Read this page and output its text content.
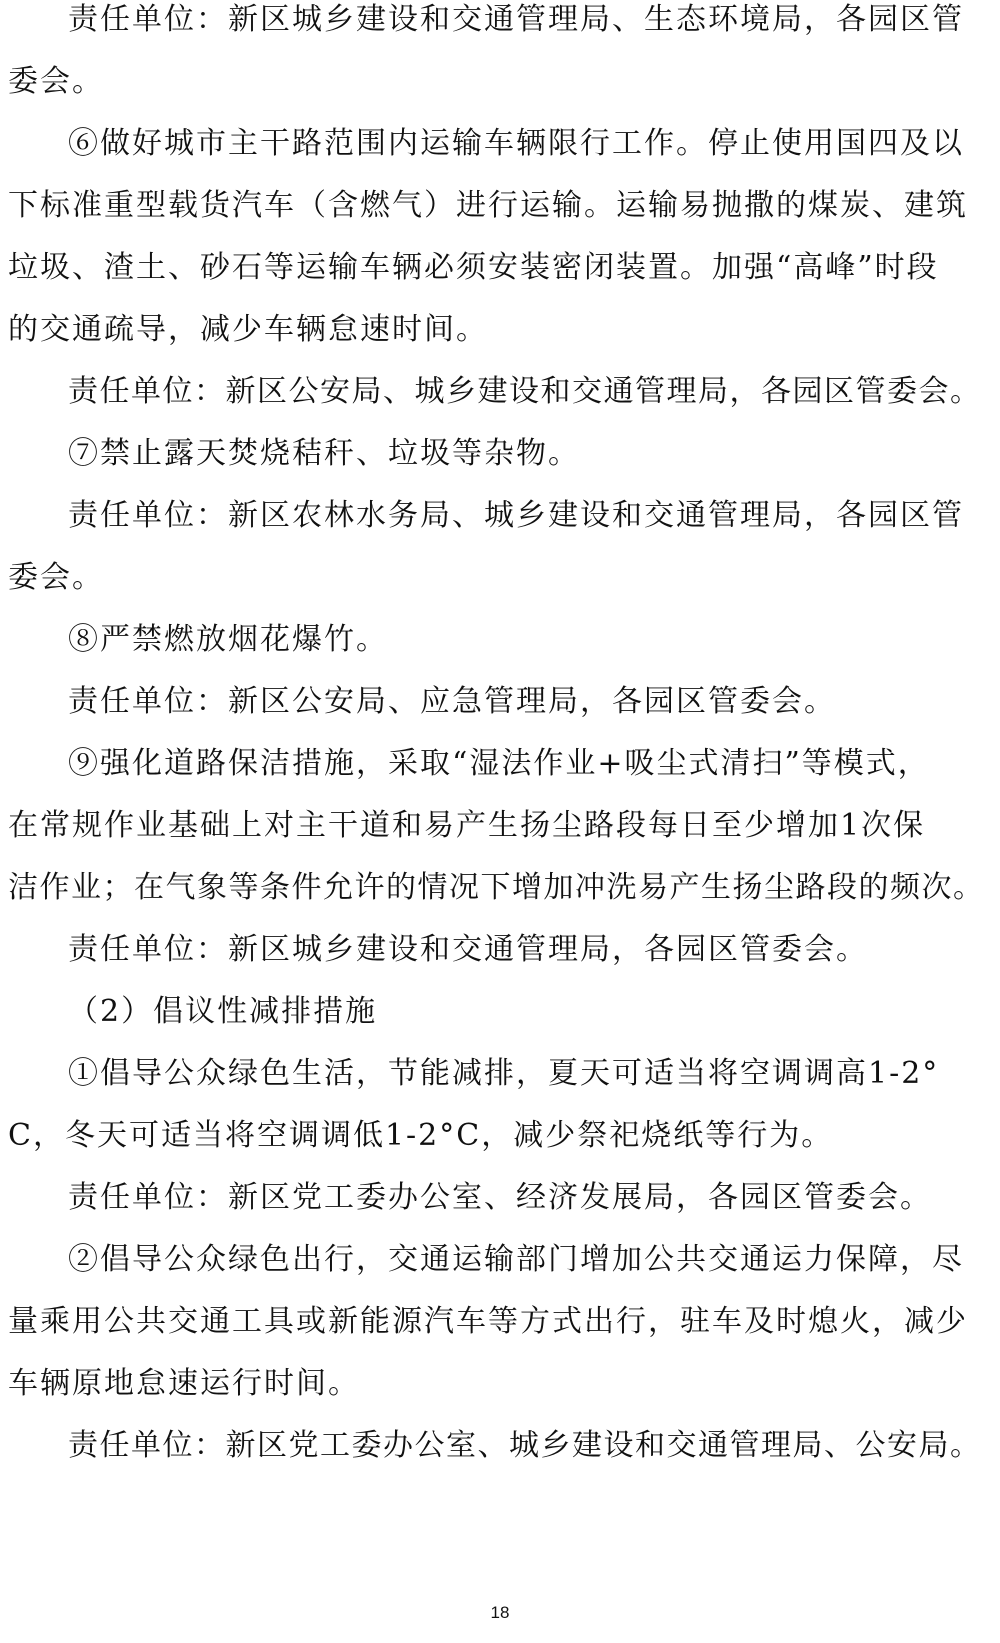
责任单位：新区城乡建设和交通管理局、生态环境局，各园区管
委会。
⑥做好城市主干路范围内运输车辆限行工作。停止使用国四及以
下标准重型载货汽车（含燃气）进行运输。运输易抛撒的煤炭、建筑
垃圾、渣土、砂石等运输车辆必须安装密闭装置。加强“高峰”时段
的交通疏导，减少车辆怠速时间。
责任单位：新区公安局、城乡建设和交通管理局，各园区管委会。
⑦禁止露天焚烧秸秆、垃圾等杂物。
责任单位：新区农林水务局、城乡建设和交通管理局，各园区管
委会。
⑧严禁燃放烟花爆竹。
责任单位：新区公安局、应急管理局，各园区管委会。
⑨强化道路保洁措施，采取“湿法作业+吸尘式清扫”等模式，
在常规作业基础上对主干道和易产生扬尘路段每日至少增加1次保
洁作业；在气象等条件允许的情况下增加冲洗易产生扬尘路段的频次。
责任单位：新区城乡建设和交通管理局，各园区管委会。
（2）倡议性减排措施
①倡导公众绿色生活，节能减排，夏天可适当将空调调高1-2°
C，冬天可适当将空调调低1-2°C，减少祭祀烧纸等行为。
责任单位：新区党工委办公室、经济发展局，各园区管委会。
②倡导公众绿色出行，交通运输部门增加公共交通运力保障，尽
量乘用公共交通工具或新能源汽车等方式出行，驻车及时熄火，减少
车辆原地怠速运行时间。
责任单位：新区党工委办公室、城乡建设和交通管理局、公安局。
18
